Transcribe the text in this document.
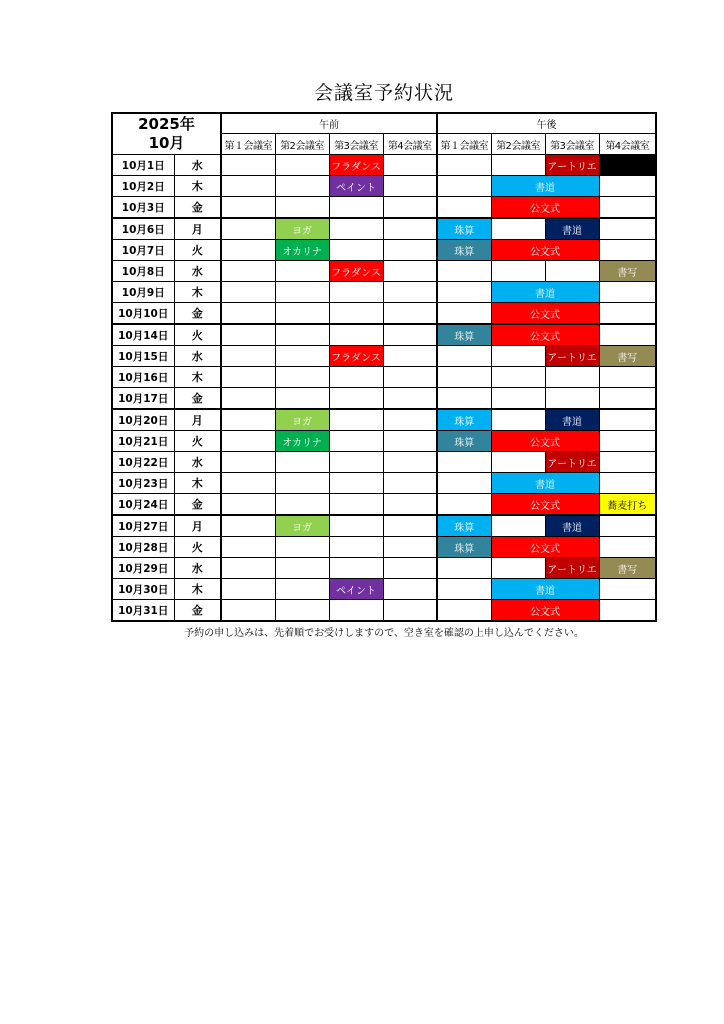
会議室予約状況
2025年
10月		午前				午後			
		第１会議室	第2会議室	第3会議室	第4会議室	第１会議室	第2会議室	第3会議室	第4会議室
10月1日	水			フラダンス				アートリエ	
10月2日	木			ペイント			書道		
10月3日	金						公文式		
10月6日	月		ヨガ			珠算		書道	
10月7日	火		オカリナ			珠算	公文式		
10月8日	水			フラダンス					書写
10月9日	木						書道		
10月10日	金						公文式		
10月14日	火					珠算	公文式		
10月15日	水			フラダンス				アートリエ	書写
10月16日	木								
10月17日	金								
10月20日	月		ヨガ			珠算		書道	
10月21日	火		オカリナ			珠算	公文式		
10月22日	水							アートリエ	
10月23日	木						書道		
10月24日	金						公文式		蕎麦打ち
10月27日	月		ヨガ			珠算		書道	
10月28日	火					珠算	公文式		
10月29日	水							アートリエ	書写
10月30日	木			ペイント			書道		
10月31日	金						公文式		
予約の申し込みは、先着順でお受けしますので、空き室を確認の上申し込んでください。
